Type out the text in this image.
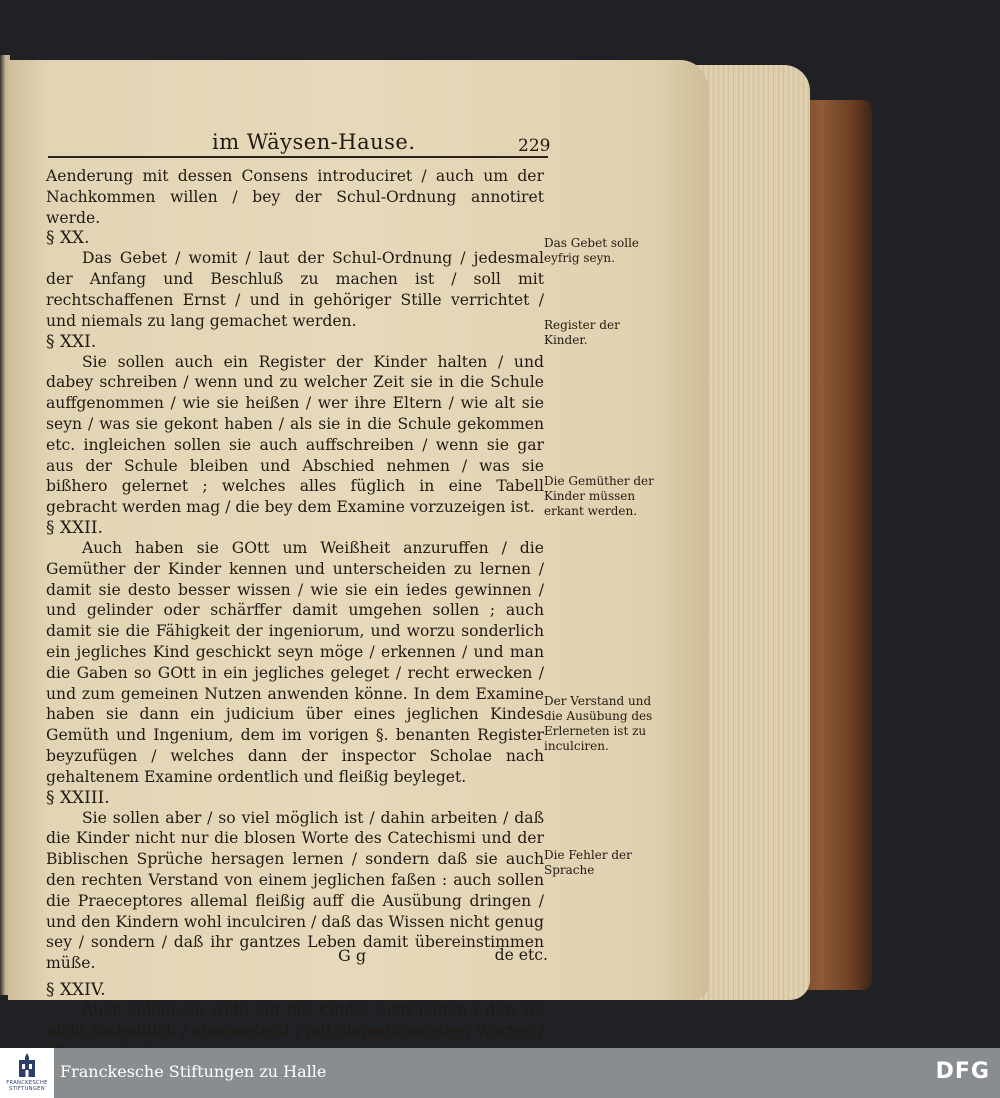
im Wäysen-Hause.	229

Aenderung mit dessen Consens introduciret / auch um der Nachkommen willen / bey der Schul-Ordnung annotiret werde.

§ XX.

Das Gebet / womit / laut der Schul-Ordnung / jedesmal der Anfang und Beschluß zu machen ist / soll mit rechtschaffenen Ernst / und in gehöriger Stille verrichtet / und niemals zu lang gemachet werden.

§ XXI.

Sie sollen auch ein Register der Kinder halten / und dabey schreiben / wenn und zu welcher Zeit sie in die Schule auffgenommen / wie sie heißen / wer ihre Eltern / wie alt sie seyn / was sie gekont haben / als sie in die Schule gekommen etc. ingleichen sollen sie auch auffschreiben / wenn sie gar aus der Schule bleiben und Abschied nehmen / was sie bißhero gelernet ; welches alles füglich in eine Tabell gebracht werden mag / die bey dem Examine vorzuzeigen ist.

§ XXII.

Auch haben sie GOtt um Weißheit anzuruffen / die Gemüther der Kinder kennen und unterscheiden zu lernen / damit sie desto besser wissen / wie sie ein iedes gewinnen / und gelinder oder schärffer damit umgehen sollen ; auch damit sie die Fähigkeit der ingeniorum, und worzu sonderlich ein jegliches Kind geschickt seyn möge / erkennen / und man die Gaben so GOtt in ein jegliches geleget / recht erwecken / und zum gemeinen Nutzen anwenden könne. In dem Examine haben sie dann ein judicium über eines jeglichen Kindes Gemüth und Ingenium, dem im vorigen §. benanten Register beyzufügen / welches dann der inspector Scholae nach gehaltenem Examine ordentlich und fleißig beyleget.

§ XXIII.

Sie sollen aber / so viel möglich ist / dahin arbeiten / daß die Kinder nicht nur die blosen Worte des Catechismi und der Biblischen Sprüche hersagen lernen / sondern daß sie auch den rechten Verstand von einem jeglichen faßen : auch sollen die Praeceptores allemal fleißig auff die Ausübung dringen / und den Kindern wohl inculciren / daß das Wissen nicht genug sey / sondern / daß ihr gantzes Leben damit übereinstimmen müße.

§ XXIV.

Auch sollen sie wohl auf die Kinder acht haben / daß sie nicht undeutlich / stammelend / mit abgestümmelten Worten /

Das Gebet solle eyfrig seyn.
Register der Kinder.
Die Gemüther der Kinder müssen erkant werden.
Der Verstand und die Ausübung des Erlerneten ist zu inculciren.
Die Fehler der Sprache
G g	de etc.
FRANCKESCHE STIFTUNGEN
Franckesche Stiftungen zu Halle	DFG
